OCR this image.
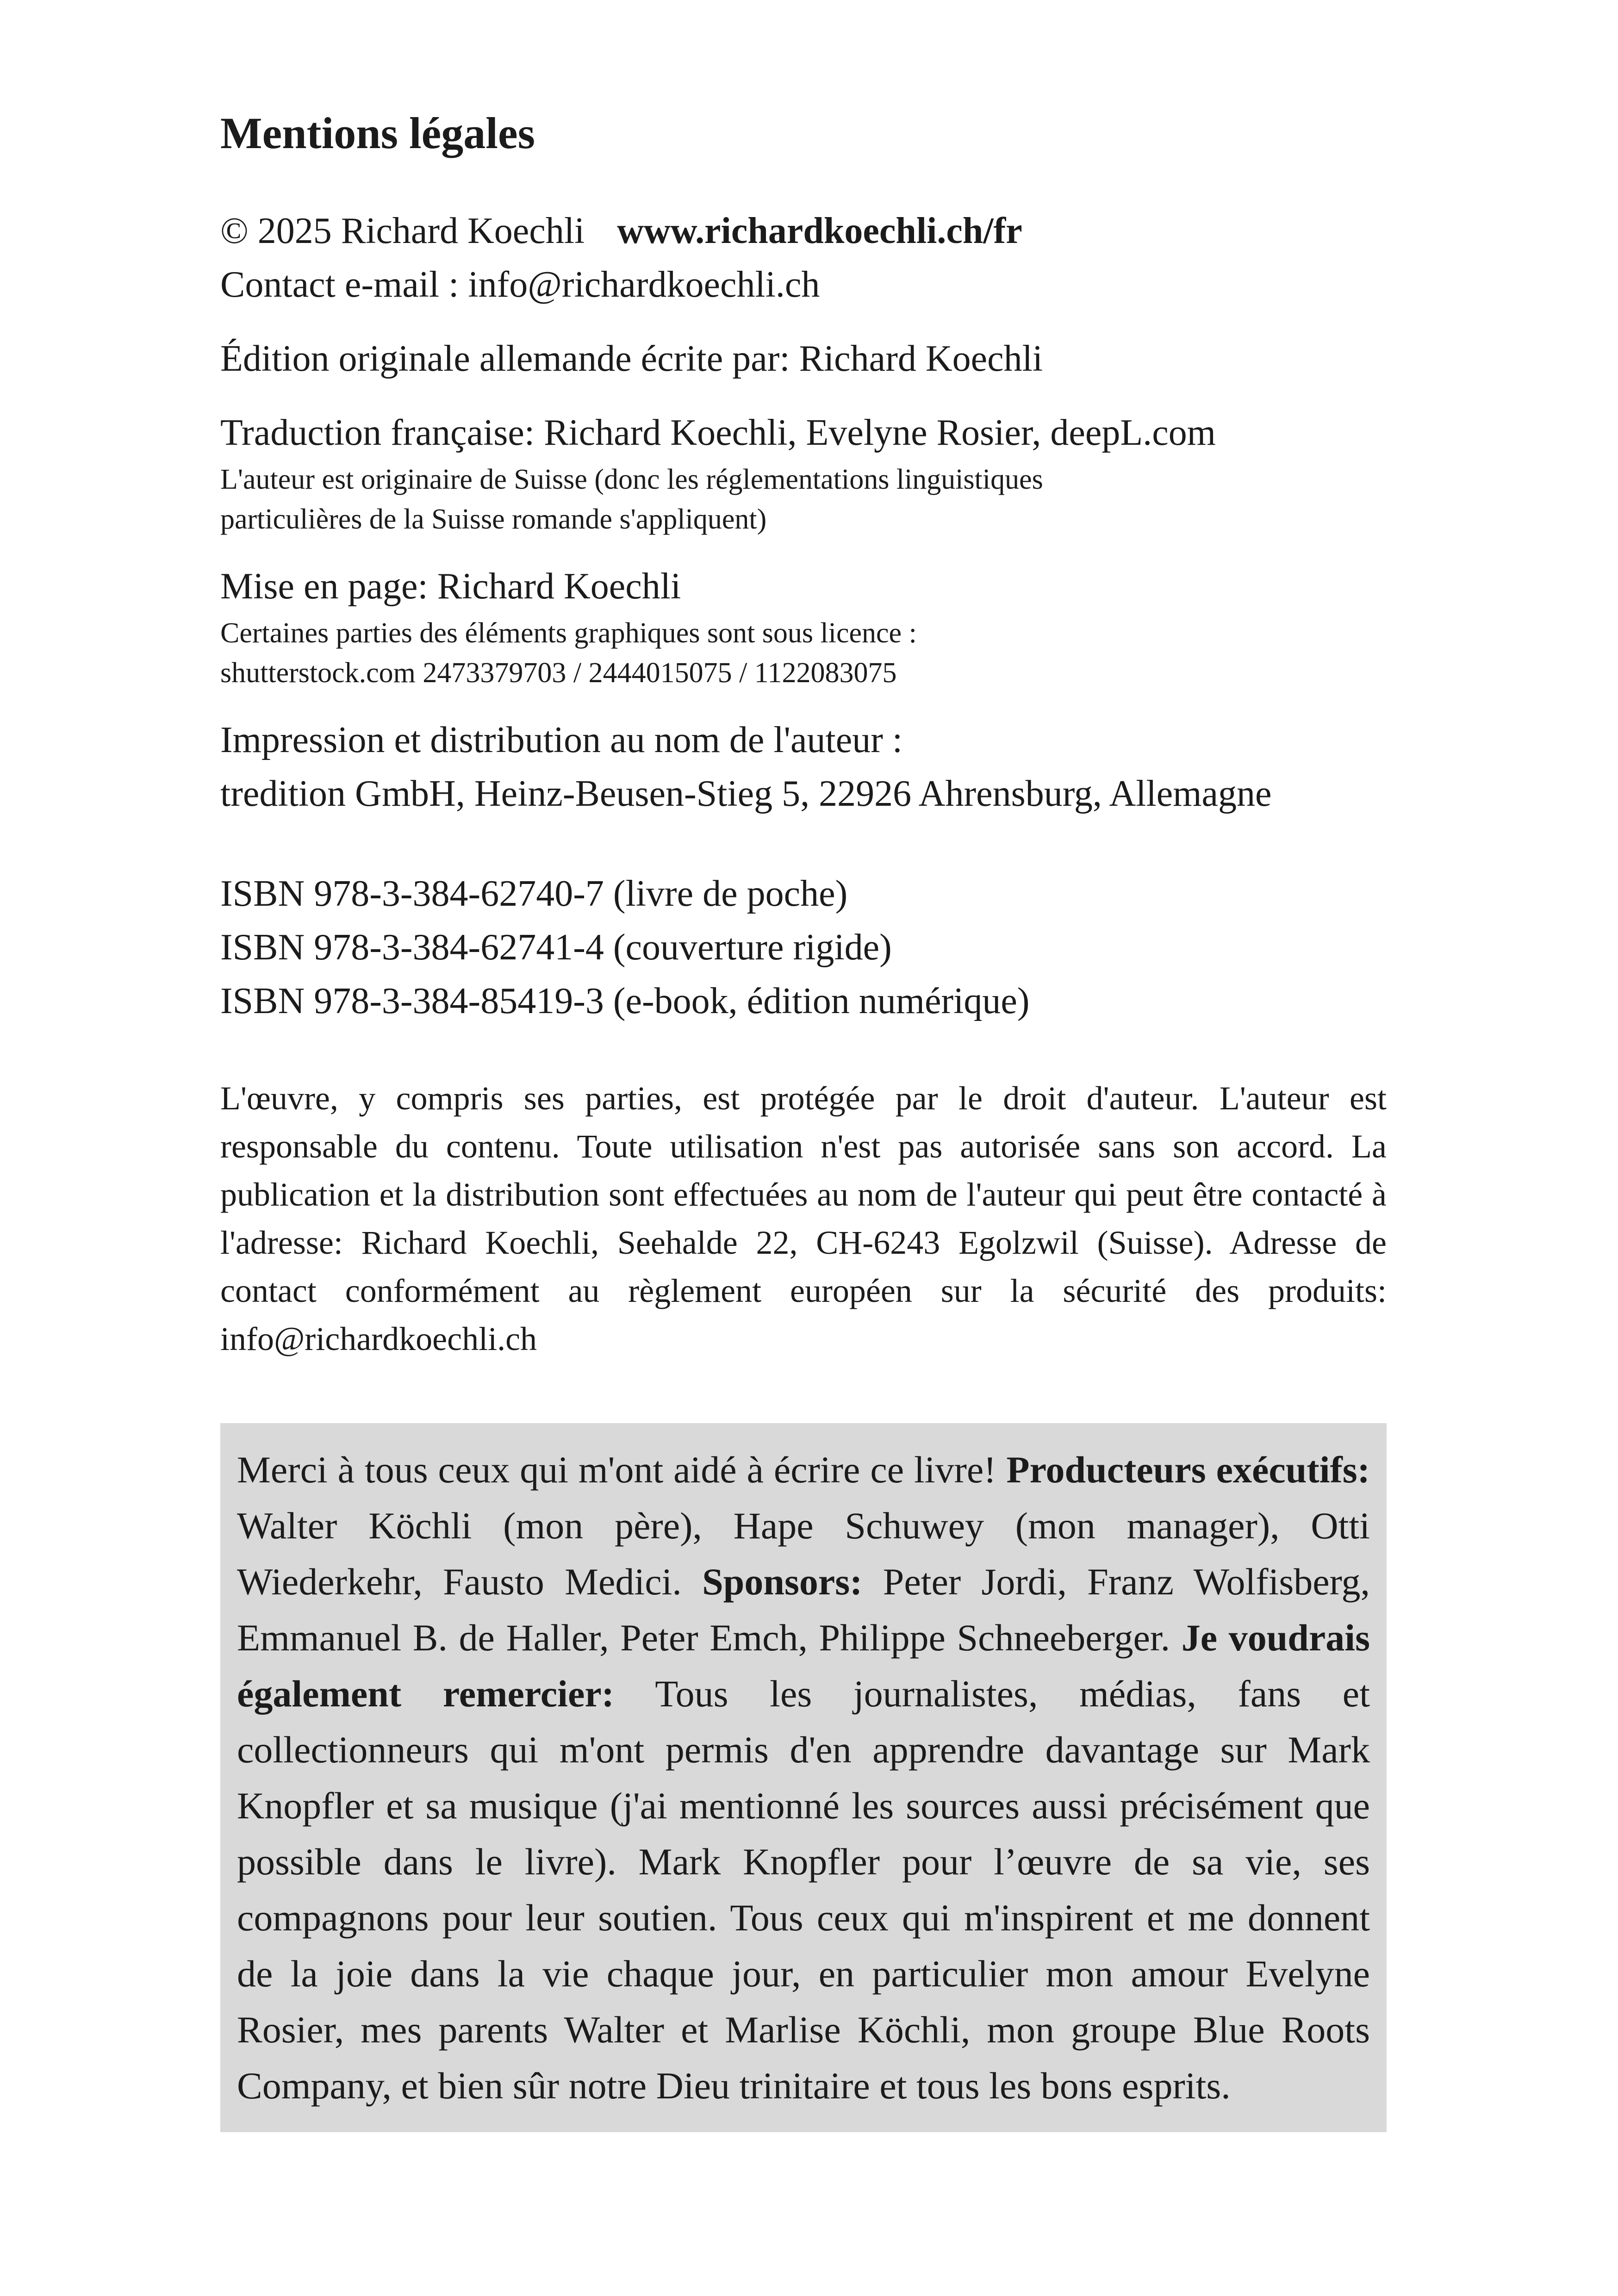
Mentions légales
© 2025 Richard Koechli www.richardkoechli.ch/fr
Contact e-mail : info@richardkoechli.ch
Édition originale allemande écrite par: Richard Koechli
Traduction française: Richard Koechli, Evelyne Rosier, deepL.com
L'auteur est originaire de Suisse (donc les réglementations linguistiques
particulières de la Suisse romande s'appliquent)
Mise en page: Richard Koechli
Certaines parties des éléments graphiques sont sous licence :
shutterstock.com 2473379703 / 2444015075 / 1122083075
Impression et distribution au nom de l'auteur :
tredition GmbH, Heinz-Beusen-Stieg 5, 22926 Ahrensburg, Allemagne
ISBN 978-3-384-62740-7 (livre de poche)
ISBN 978-3-384-62741-4 (couverture rigide)
ISBN 978-3-384-85419-3 (e-book, édition numérique)
L'œuvre, y compris ses parties, est protégée par le droit d'auteur. L'auteur est responsable du contenu. Toute utilisation n'est pas autorisée sans son accord. La publication et la distribution sont effectuées au nom de l'auteur qui peut être contacté à l'adresse: Richard Koechli, Seehalde 22, CH-6243 Egolzwil (Suisse). Adresse de contact conformément au règlement européen sur la sécurité des produits: info@richardkoechli.ch
Merci à tous ceux qui m'ont aidé à écrire ce livre! Producteurs exécutifs: Walter Köchli (mon père), Hape Schuwey (mon manager), Otti Wiederkehr, Fausto Medici. Sponsors: Peter Jordi, Franz Wolfisberg, Emmanuel B. de Haller, Peter Emch, Philippe Schneeberger. Je voudrais également remercier: Tous les journalistes, médias, fans et collectionneurs qui m'ont permis d'en apprendre davantage sur Mark Knopfler et sa musique (j'ai mentionné les sources aussi précisément que possible dans le livre). Mark Knopfler pour l’œuvre de sa vie, ses compagnons pour leur soutien. Tous ceux qui m'inspirent et me donnent de la joie dans la vie chaque jour, en particulier mon amour Evelyne Rosier, mes parents Walter et Marlise Köchli, mon groupe Blue Roots Company, et bien sûr notre Dieu trinitaire et tous les bons esprits.
